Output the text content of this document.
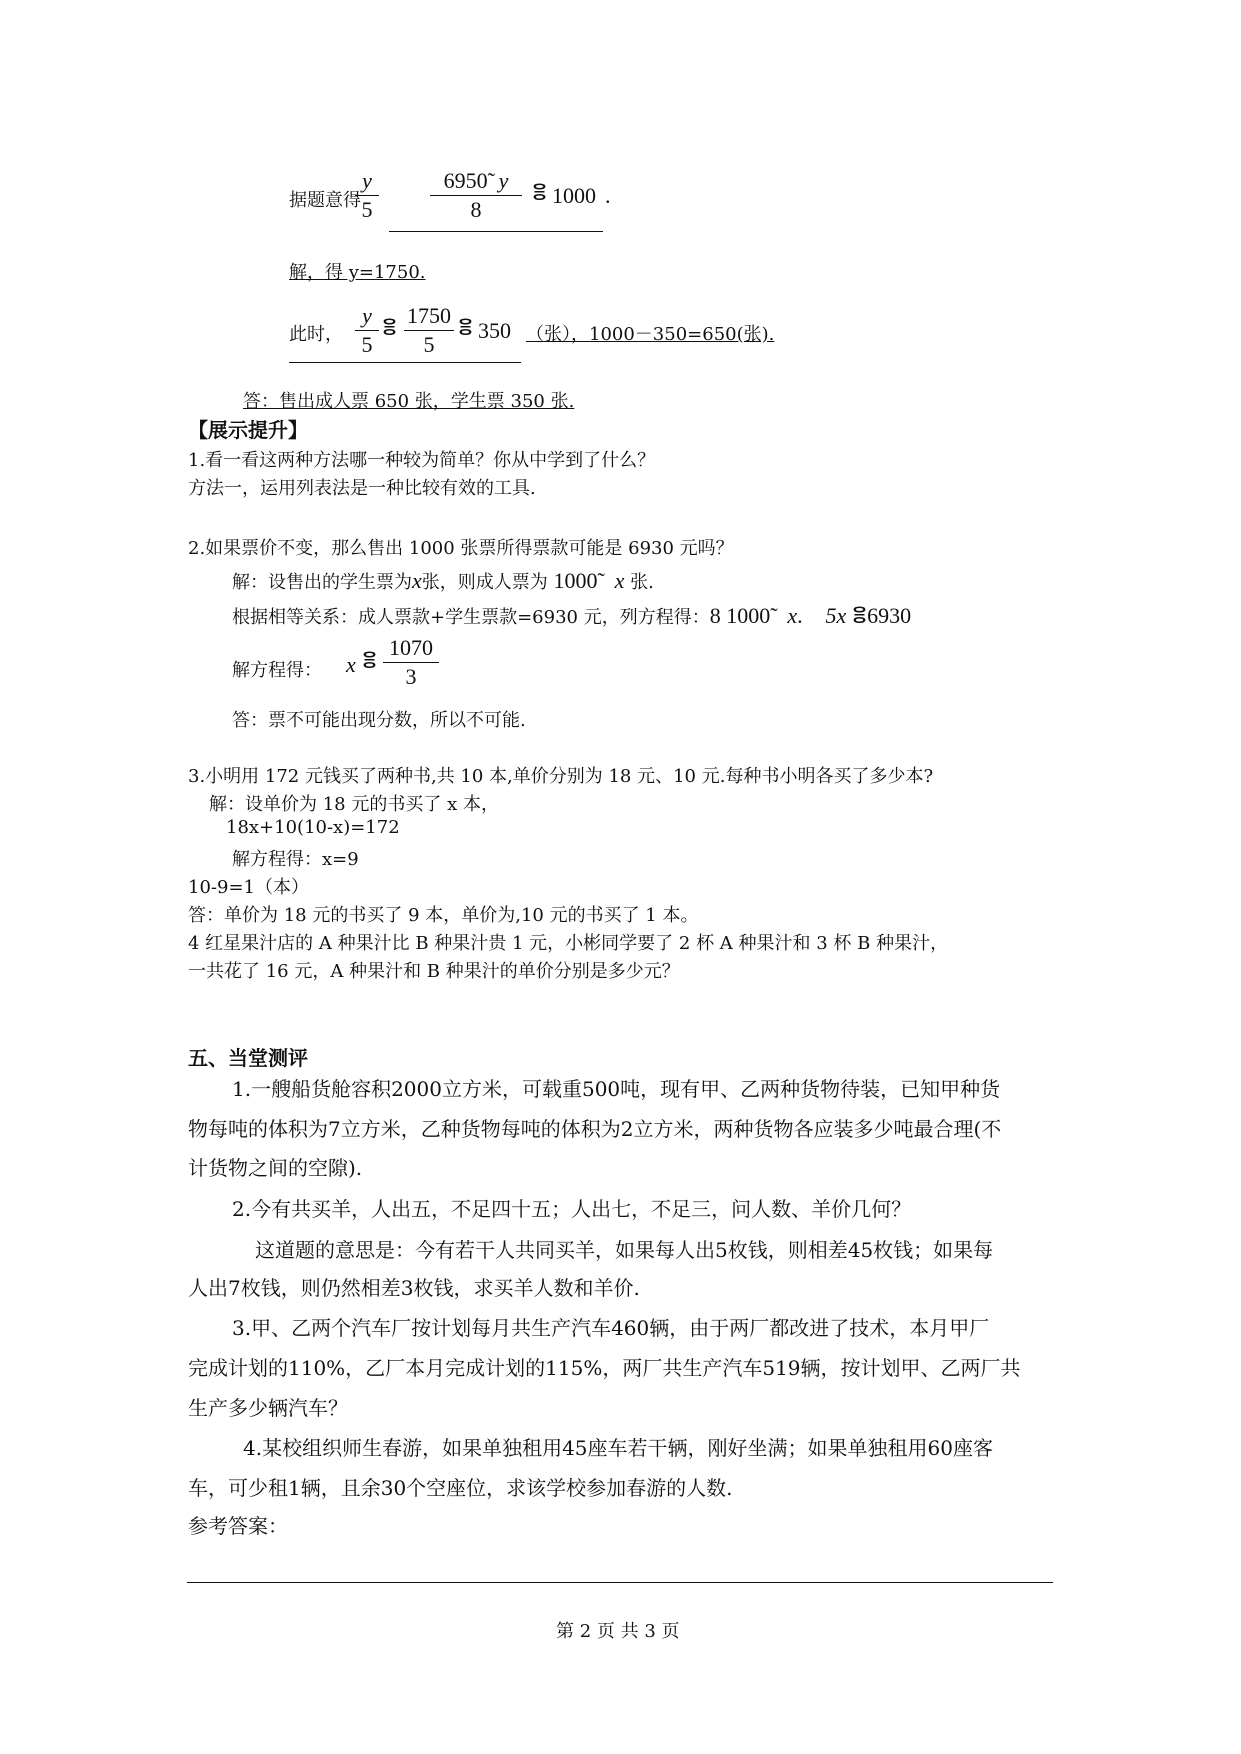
据题意得
y
5
6950̃ y
8
ⴻ 1000 .
解，得 y=1750.
此时，
y
5
ⴻ 1750
5
ⴻ 350 （张），1000－350=650(张).
答：售出成人票 650 张，学生票 350 张.
【展示提升】
1.看一看这两种方法哪一种较为简单？你从中学到了什么？
方法一，运用列表法是一种比较有效的工具.
2.如果票价不变，那么售出 1000 张票所得票款可能是 6930 元吗？
解：设售出的学生票为x张，则成人票为 1000̃ x 张.
根据相等关系：成人票款+学生票款=6930 元，列方程得：8 1000̃ x. 5x ⴻ6930
解方程得： x ⴻ
1070
3
答：票不可能出现分数，所以不可能.
3.小明用 172 元钱买了两种书,共 10 本,单价分别为 18 元、10 元.每种书小明各买了多少本?
解：设单价为 18 元的书买了 x 本，
18x+10(10-x)=172
解方程得：x=9
10-9=1（本）
答：单价为 18 元的书买了 9 本，单价为,10 元的书买了 1 本。
4 红星果汁店的 A 种果汁比 B 种果汁贵 1 元，小彬同学要了 2 杯 A 种果汁和 3 杯 B 种果汁，
一共花了 16 元，A 种果汁和 B 种果汁的单价分别是多少元？
五、当堂测评
1.一艘船货舱容积2000立方米，可载重500吨，现有甲、乙两种货物待装，已知甲种货
物每吨的体积为7立方米，乙种货物每吨的体积为2立方米，两种货物各应装多少吨最合理(不
计货物之间的空隙).
2.今有共买羊，人出五，不足四十五；人出七，不足三，问人数、羊价几何？
这道题的意思是：今有若干人共同买羊，如果每人出5枚钱，则相差45枚钱；如果每
人出7枚钱，则仍然相差3枚钱，求买羊人数和羊价.
3.甲、乙两个汽车厂按计划每月共生产汽车460辆，由于两厂都改进了技术，本月甲厂
完成计划的110%，乙厂本月完成计划的115%，两厂共生产汽车519辆，按计划甲、乙两厂共
生产多少辆汽车？
4.某校组织师生春游，如果单独租用45座车若干辆，刚好坐满；如果单独租用60座客
车，可少租1辆，且余30个空座位，求该学校参加春游的人数.
参考答案：
第 2 页 共 3 页
